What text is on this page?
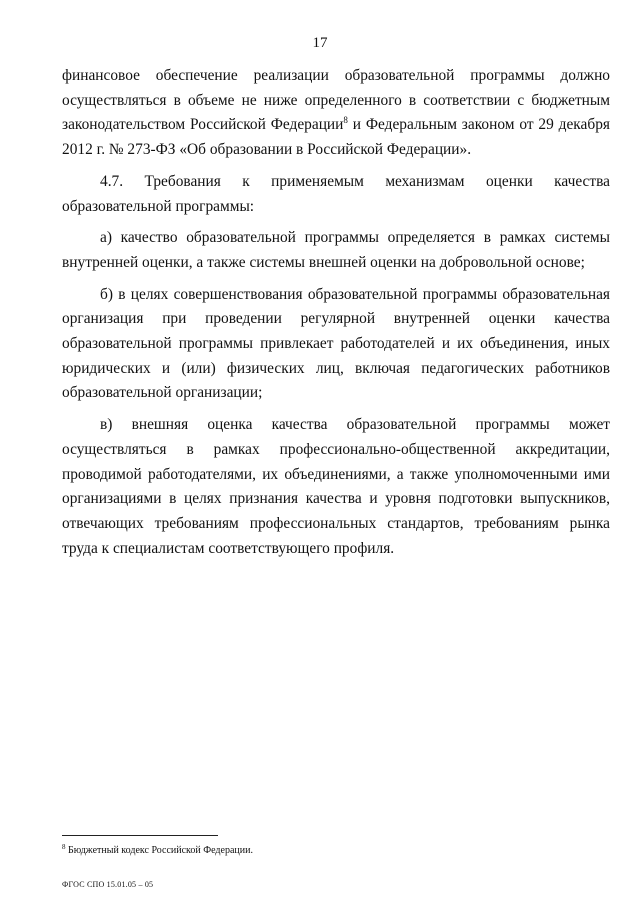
17

финансовое обеспечение реализации образовательной программы должно осуществляться в объеме не ниже определенного в соответствии с бюджетным законодательством Российской Федерации$^8$ и Федеральным законом от 29 декабря 2012 г. № 273-ФЗ «Об образовании в Российской Федерации».

4.7. Требования к применяемым механизмам оценки качества образовательной программы:

а) качество образовательной программы определяется в рамках системы внутренней оценки, а также системы внешней оценки на добровольной основе;

б) в целях совершенствования образовательной программы образовательная организация при проведении регулярной внутренней оценки качества образовательной программы привлекает работодателей и их объединения, иных юридических и (или) физических лиц, включая педагогических работников образовательной организации;

в) внешняя оценка качества образовательной программы может осуществляться в рамках профессионально-общественной аккредитации, проводимой работодателями, их объединениями, а также уполномоченными ими организациями в целях признания качества и уровня подготовки выпускников, отвечающих требованиям профессиональных стандартов, требованиям рынка труда к специалистам соответствующего профиля.

$^8$ Бюджетный кодекс Российской Федерации.
ФГОС СПО 15.01.05 – 05
